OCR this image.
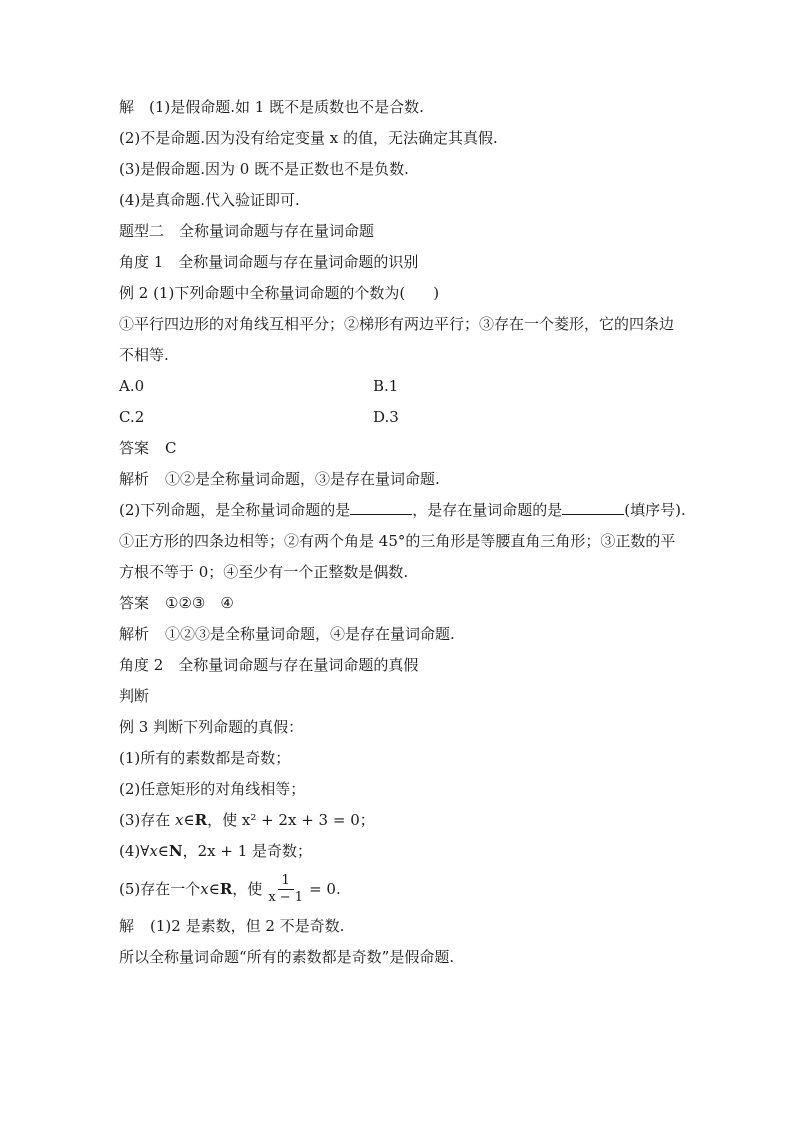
解　(1)是假命题.如 1 既不是质数也不是合数.
(2)不是命题.因为没有给定变量 x 的值，无法确定其真假.
(3)是假命题.因为 0 既不是正数也不是负数.
(4)是真命题.代入验证即可.
题型二　全称量词命题与存在量词命题
角度 1　全称量词命题与存在量词命题的识别
例 2 (1)下列命题中全称量词命题的个数为( )
①平行四边形的对角线互相平分；②梯形有两边平行；③存在一个菱形，它的四条边不相等.
A.0	B.1
C.2	D.3
答案 C
解析 ①②是全称量词命题，③是存在量词命题.
(2)下列命题，是全称量词命题的是	，是存在量词命题的是	(填序号).
①正方形的四条边相等；②有两个角是 45°的三角形是等腰直角三角形；③正数的平方根不等于 0；④至少有一个正整数是偶数.
答案 ①②③　④
解析 ①②③是全称量词命题，④是存在量词命题.
角度 2　全称量词命题与存在量词命题的真假
判断
例 3 判断下列命题的真假：
(1)所有的素数都是奇数；
(2)任意矩形的对角线相等；
(3)存在 x∈R，使 x² + 2x + 3 = 0；
(4)∀x∈N，2x + 1 是奇数；
(5)存在一个 x ∈ R ，使 $\frac{1}{x - 1} = 0$.
解 (1)2 是素数，但 2 不是奇数.
所以全称量词命题“所有的素数都是奇数”是假命题.
